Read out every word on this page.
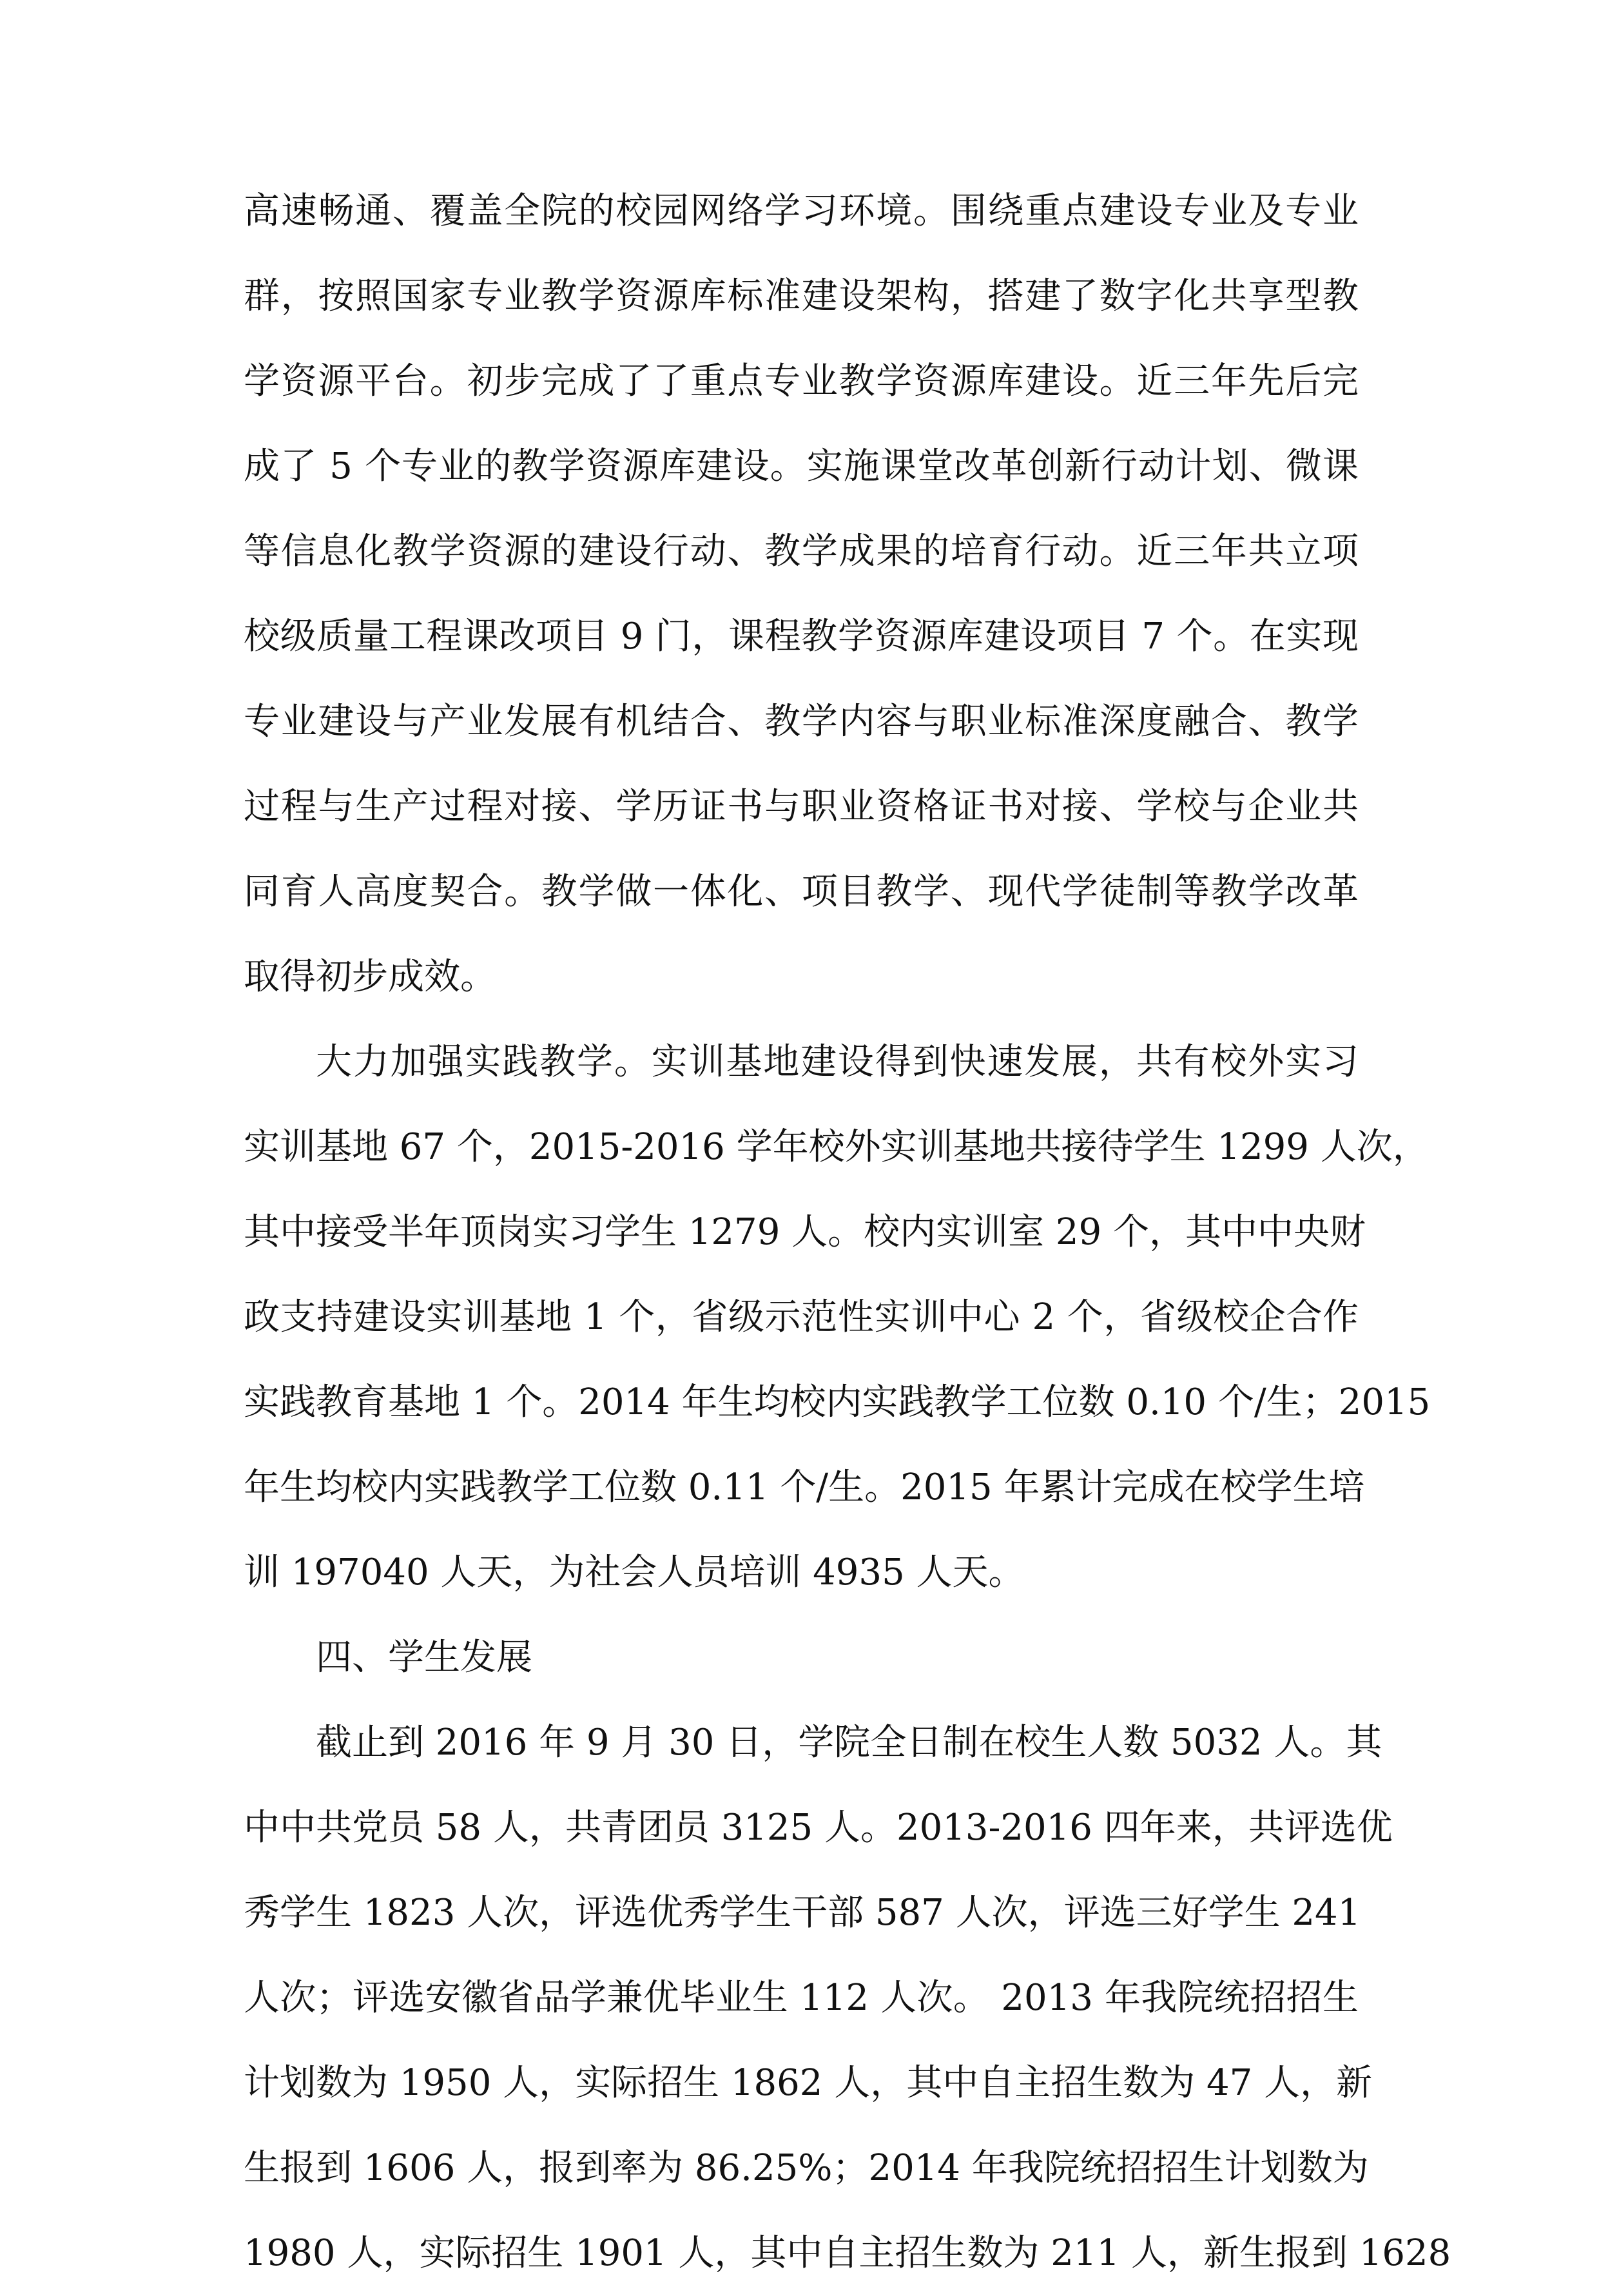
高速畅通、覆盖全院的校园网络学习环境。围绕重点建设专业及专业
群，按照国家专业教学资源库标准建设架构，搭建了数字化共享型教
学资源平台。初步完成了了重点专业教学资源库建设。近三年先后完
成了 5 个专业的教学资源库建设。实施课堂改革创新行动计划、微课
等信息化教学资源的建设行动、教学成果的培育行动。近三年共立项
校级质量工程课改项目 9 门，课程教学资源库建设项目 7 个。在实现
专业建设与产业发展有机结合、教学内容与职业标准深度融合、教学
过程与生产过程对接、学历证书与职业资格证书对接、学校与企业共
同育人高度契合。教学做一体化、项目教学、现代学徒制等教学改革
取得初步成效。
大力加强实践教学。实训基地建设得到快速发展，共有校外实习
实训基地 67 个，2015-2016 学年校外实训基地共接待学生 1299 人次，
其中接受半年顶岗实习学生 1279 人。校内实训室 29 个，其中中央财
政支持建设实训基地 1 个，省级示范性实训中心 2 个，省级校企合作
实践教育基地 1 个。2014 年生均校内实践教学工位数 0.10 个/生；2015
年生均校内实践教学工位数 0.11 个/生。2015 年累计完成在校学生培
训 197040 人天，为社会人员培训 4935 人天。
四、学生发展
截止到 2016 年 9 月 30 日，学院全日制在校生人数 5032 人。其
中中共党员 58 人，共青团员 3125 人。2013-2016 四年来，共评选优
秀学生 1823 人次，评选优秀学生干部 587 人次，评选三好学生 241
人次；评选安徽省品学兼优毕业生 112 人次。 2013 年我院统招招生
计划数为 1950 人，实际招生 1862 人，其中自主招生数为 47 人，新
生报到 1606 人，报到率为 86.25%；2014 年我院统招招生计划数为
1980 人，实际招生 1901 人，其中自主招生数为 211 人，新生报到 1628
